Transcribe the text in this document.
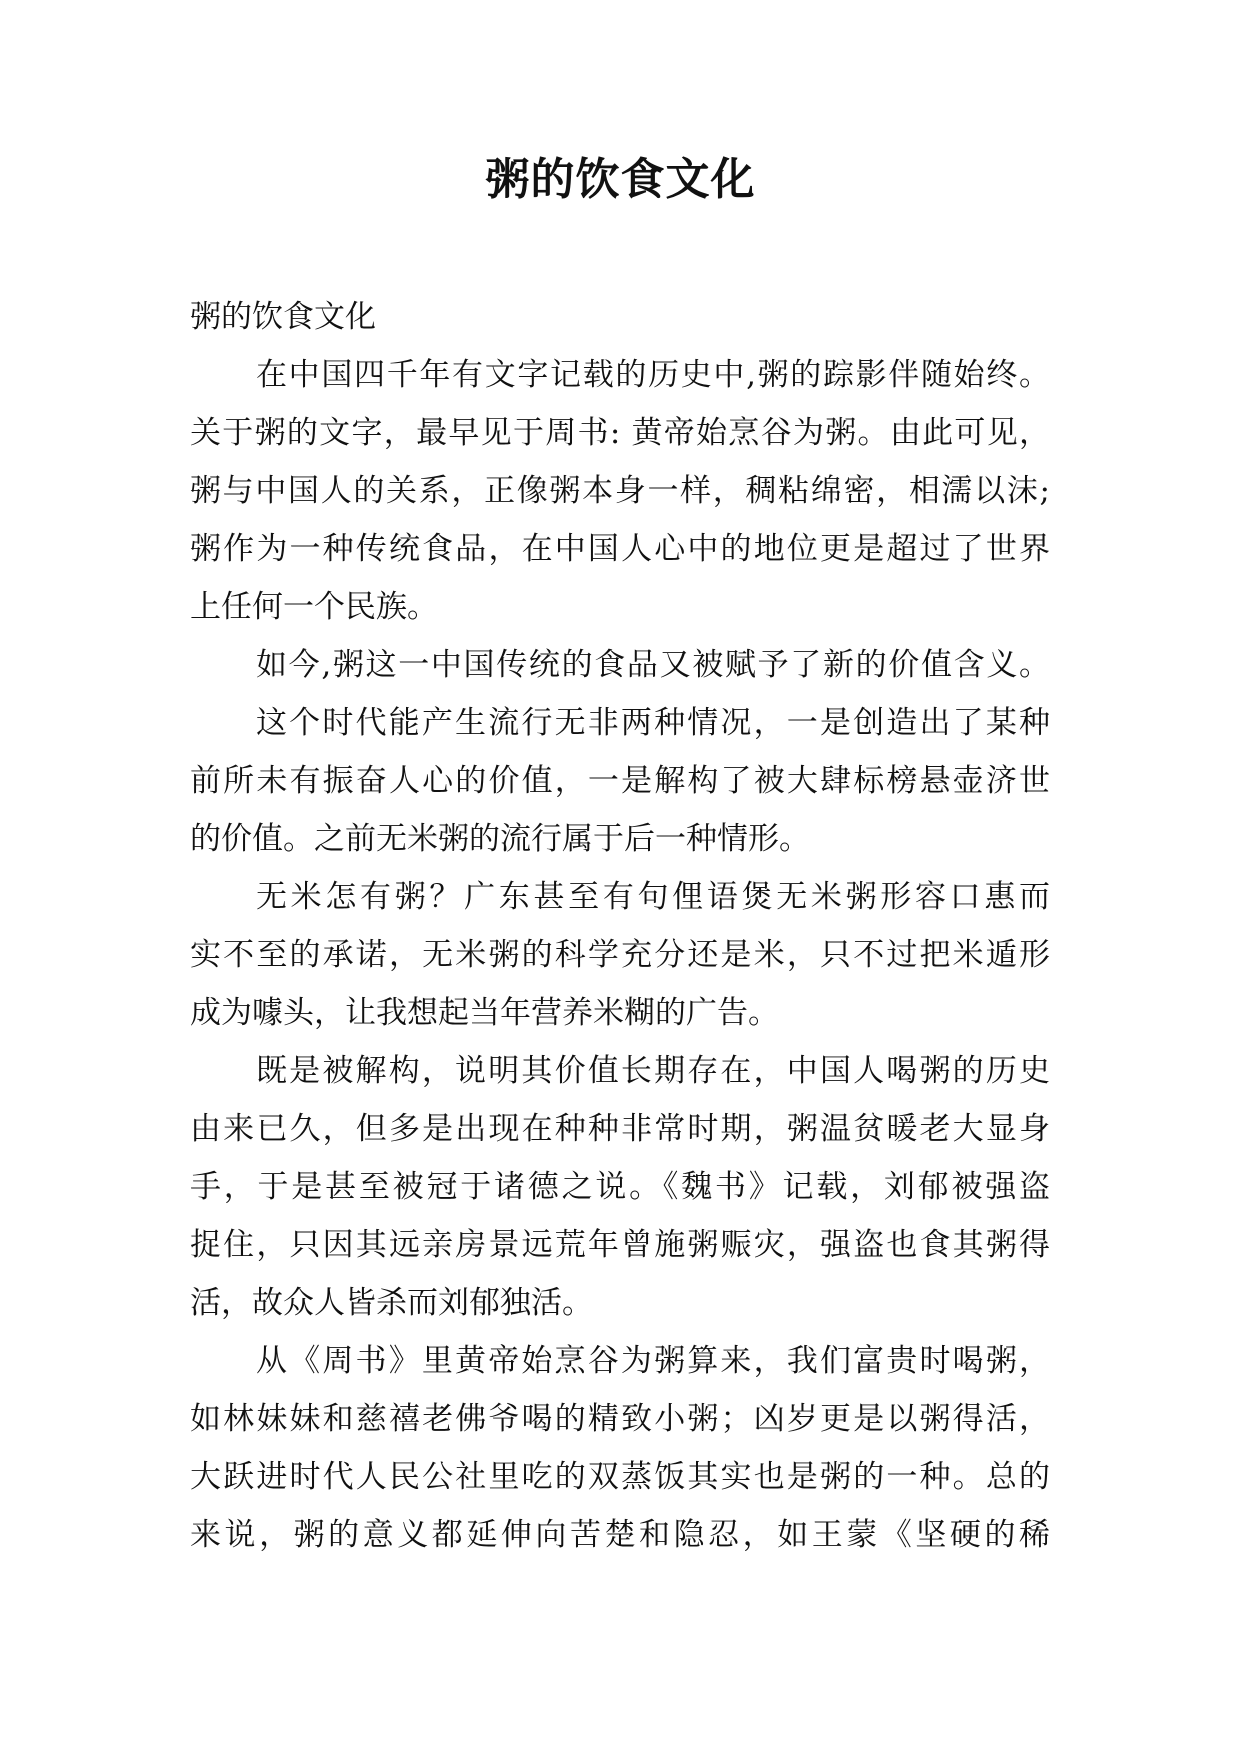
粥的饮食文化
粥的饮食文化
在中国四千年有文字记载的历史中,粥的踪影伴随始终。
关于粥的文字，最早见于周书: 黄帝始烹谷为粥。由此可见，
粥与中国人的关系，正像粥本身一样，稠粘绵密，相濡以沫;
粥作为一种传统食品，在中国人心中的地位更是超过了世界
上任何一个民族。
如今,粥这一中国传统的食品又被赋予了新的价值含义。
这个时代能产生流行无非两种情况，一是创造出了某种
前所未有振奋人心的价值，一是解构了被大肆标榜悬壶济世
的价值。之前无米粥的流行属于后一种情形。
无米怎有粥？广东甚至有句俚语煲无米粥形容口惠而
实不至的承诺，无米粥的科学充分还是米，只不过把米遁形
成为噱头，让我想起当年营养米糊的广告。
既是被解构，说明其价值长期存在，中国人喝粥的历史
由来已久，但多是出现在种种非常时期，粥温贫暖老大显身
手，于是甚至被冠于诸德之说。《魏书》记载，刘郁被强盗
捉住，只因其远亲房景远荒年曾施粥赈灾，强盗也食其粥得
活，故众人皆杀而刘郁独活。
从《周书》里黄帝始烹谷为粥算来，我们富贵时喝粥，
如林妹妹和慈禧老佛爷喝的精致小粥；凶岁更是以粥得活，
大跃进时代人民公社里吃的双蒸饭其实也是粥的一种。总的
来说，粥的意义都延伸向苦楚和隐忍，如王蒙《坚硬的稀
